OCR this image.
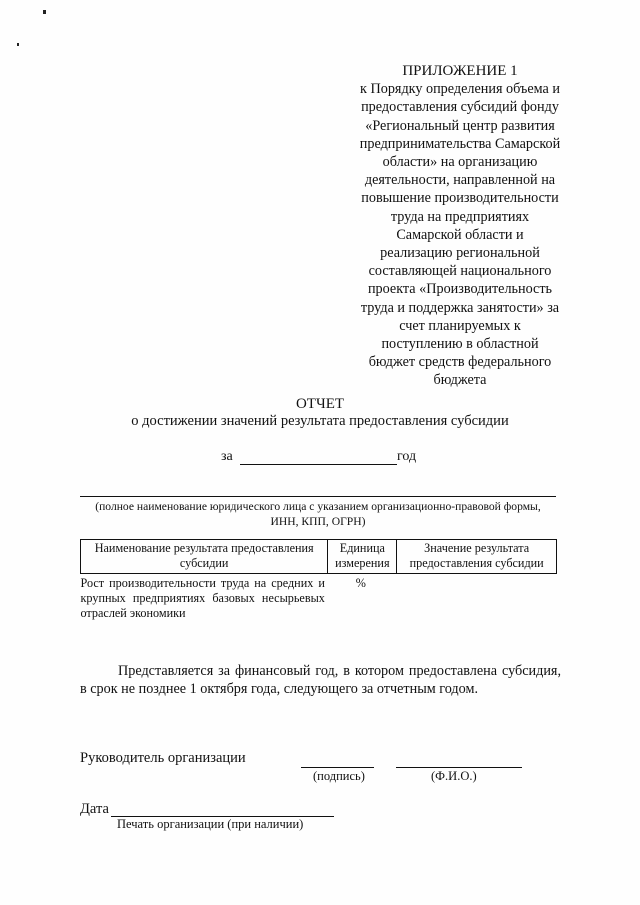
ПРИЛОЖЕНИЕ 1
к Порядку определения объема и
предоставления субсидий фонду
«Региональный центр развития
предпринимательства Самарской
области» на организацию
деятельности, направленной на
повышение производительности
труда на предприятиях
Самарской области и
реализацию региональной
составляющей национального
проекта «Производительность
труда и поддержка занятости» за
счет планируемых к
поступлению в областной
бюджет средств федерального
бюджета
ОТЧЕТ
о достижении значений результата предоставления субсидии
за	год
(полное наименование юридического лица с указанием организационно-правовой формы,
ИНН, КПП, ОГРН)
Наименование результата предоставления субсидии	Единица измерения	Значение результата предоставления субсидии
Рост производительности труда на средних и крупных предприятиях базовых несырьевых отраслей экономики	%	
Представляется за финансовый год, в котором предоставлена субсидия, в срок не позднее 1 октября года, следующего за отчетным годом.
Руководитель организации
(подпись)	(Ф.И.О.)
Дата
Печать организации (при наличии)
